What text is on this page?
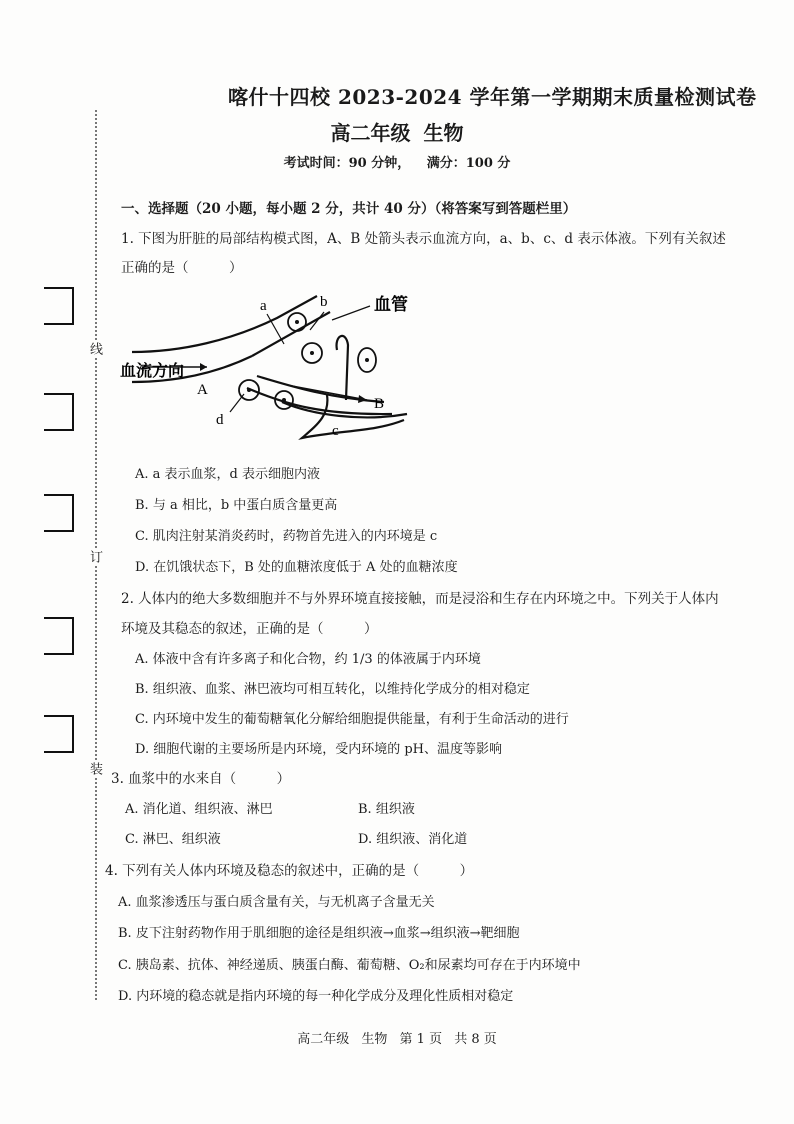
线
订
装
喀什十四校 2023-2024 学年第一学期期末质量检测试卷
高二年级 生物
考试时间：90 分钟， 满分：100 分
一、选择题（20 小题，每小题 2 分，共计 40 分）（将答案写到答题栏里）
1. 下图为肝脏的局部结构模式图，A、B 处箭头表示血流方向，a、b、c、d 表示体液。下列有关叙述
正确的是（　　　）
a	b	血管
血流方向
A
B
d
c
A. a 表示血浆，d 表示细胞内液
B. 与 a 相比，b 中蛋白质含量更高
C. 肌肉注射某消炎药时，药物首先进入的内环境是 c
D. 在饥饿状态下，B 处的血糖浓度低于 A 处的血糖浓度
2. 人体内的绝大多数细胞并不与外界环境直接接触，而是浸浴和生存在内环境之中。下列关于人体内
环境及其稳态的叙述，正确的是（　　　）
A. 体液中含有许多离子和化合物，约 1/3 的体液属于内环境
B. 组织液、血浆、淋巴液均可相互转化，以维持化学成分的相对稳定
C. 内环境中发生的葡萄糖氧化分解给细胞提供能量，有利于生命活动的进行
D. 细胞代谢的主要场所是内环境，受内环境的 pH、温度等影响
3. 血浆中的水来自（　　　）
A. 消化道、组织液、淋巴	B. 组织液
C. 淋巴、组织液	D. 组织液、消化道
4. 下列有关人体内环境及稳态的叙述中，正确的是（　　　）
A. 血浆渗透压与蛋白质含量有关，与无机离子含量无关
B. 皮下注射药物作用于肌细胞的途径是组织液→血浆→组织液→靶细胞
C. 胰岛素、抗体、神经递质、胰蛋白酶、葡萄糖、O₂和尿素均可存在于内环境中
D. 内环境的稳态就是指内环境的每一种化学成分及理化性质相对稳定
高二年级 生物 第 1 页 共 8 页
